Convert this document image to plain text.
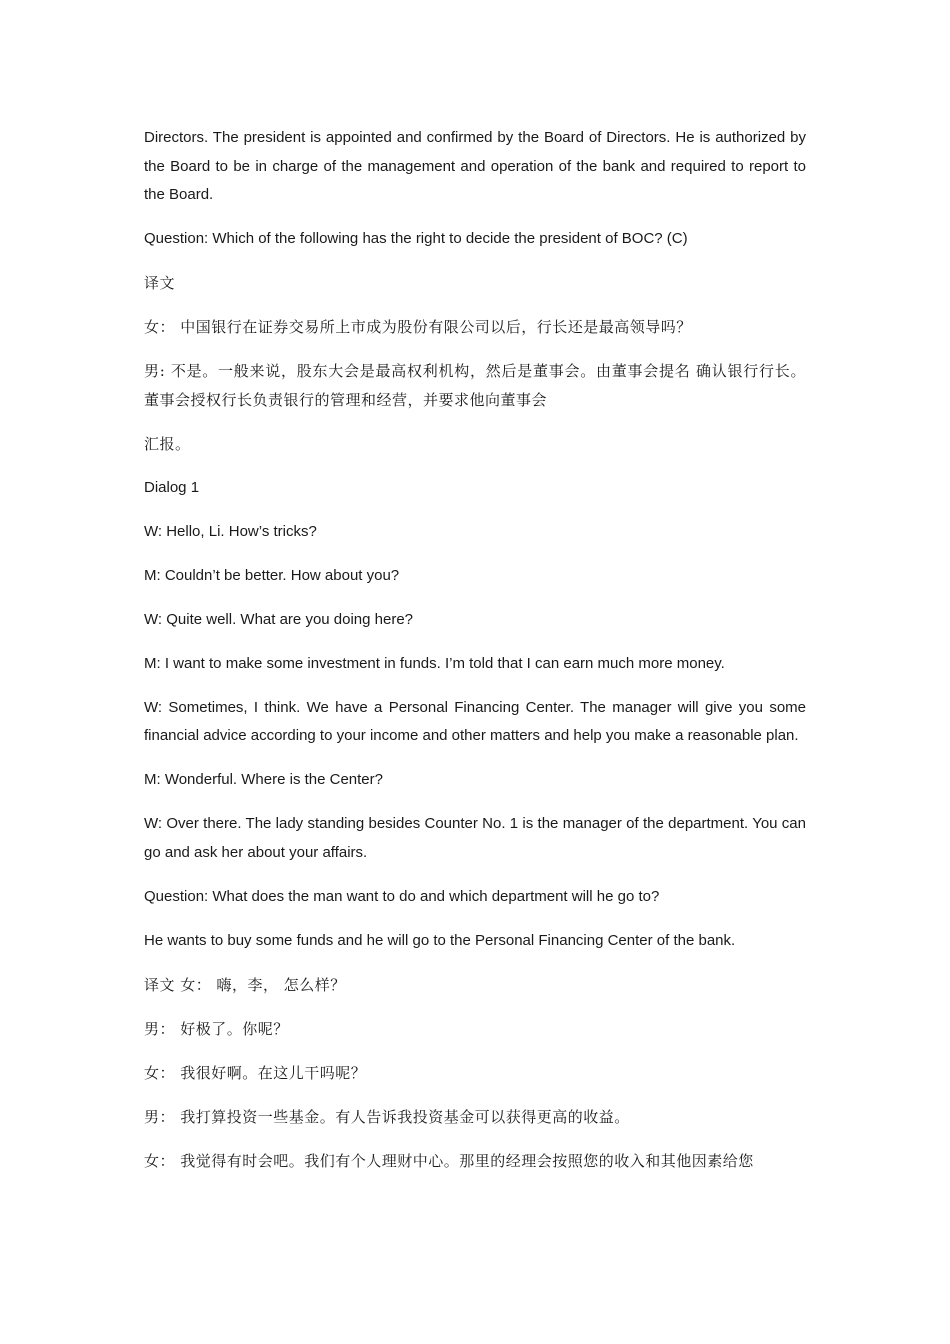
Directors. The president is appointed and confirmed by the Board of Directors. He is authorized by the Board to be in charge of the management and operation of the bank and required to report to the Board.

Question: Which of the following has the right to decide the president of BOC? (C)

译文

女： 中国银行在证券交易所上市成为股份有限公司以后，行长还是最高领导吗？

男: 不是。一般来说，股东大会是最高权利机构，然后是董事会。由董事会提名 确认银行行长。董事会授权行长负责银行的管理和经营，并要求他向董事会

汇报。

Dialog 1

W: Hello, Li. How’s tricks?

M: Couldn’t be better. How about you?

W: Quite well. What are you doing here?

M: I want to make some investment in funds. I’m told that I can earn much more money.

W: Sometimes, I think. We have a Personal Financing Center. The manager will give you some financial advice according to your income and other matters and help you make a reasonable plan.

M: Wonderful. Where is the Center?

W: Over there. The lady standing besides Counter No. 1 is the manager of the department. You can go and ask her about your affairs.

Question: What does the man want to do and which department will he go to?

He wants to buy some funds and he will go to the Personal Financing Center of the bank.

译文 女： 嗨，李， 怎么样？

男： 好极了。你呢？

女： 我很好啊。在这儿干吗呢？

男： 我打算投资一些基金。有人告诉我投资基金可以获得更高的收益。

女： 我觉得有时会吧。我们有个人理财中心。那里的经理会按照您的收入和其他因素给您
